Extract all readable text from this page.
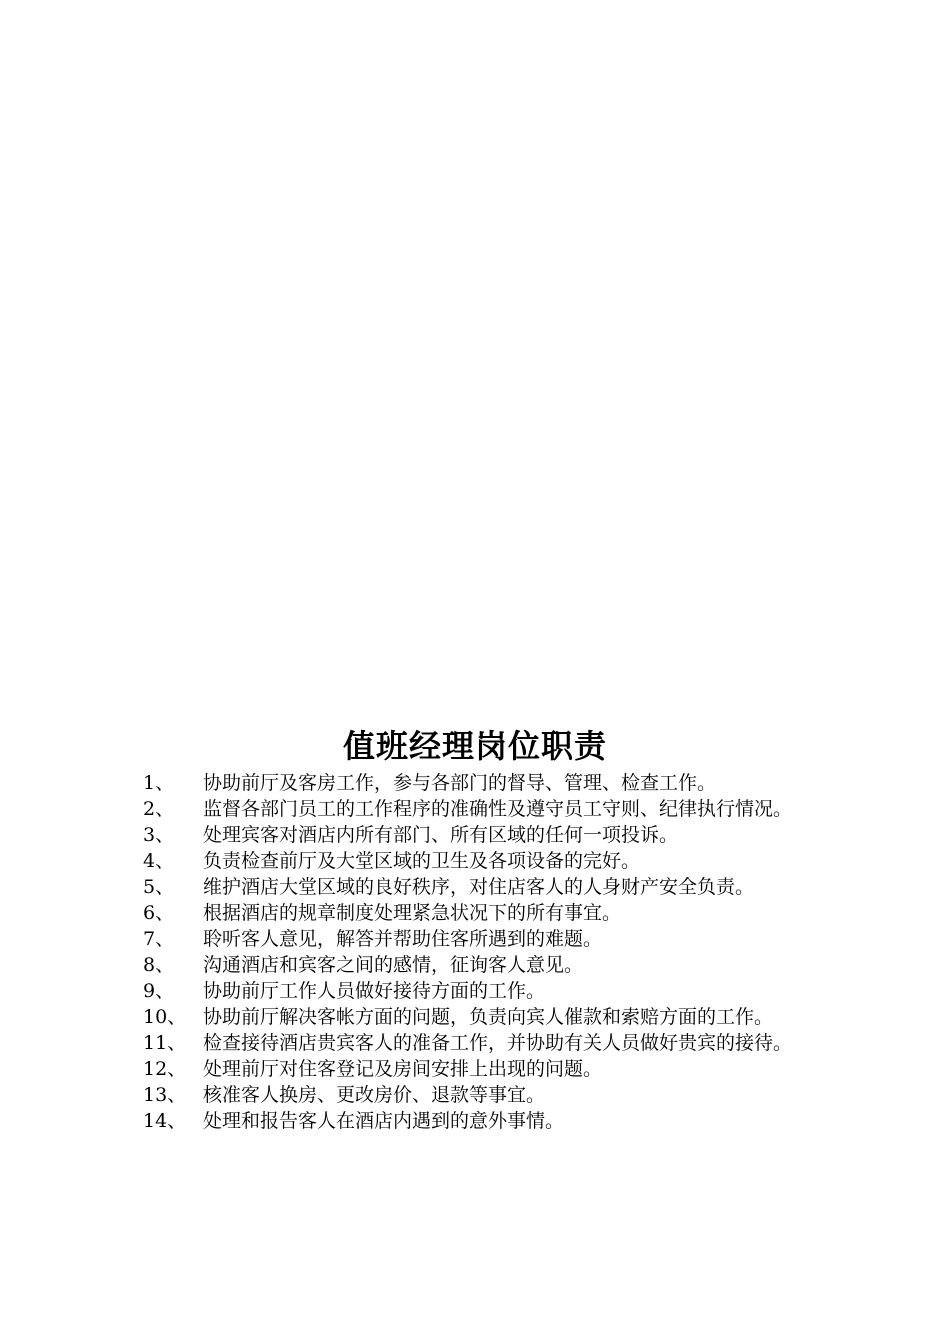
值班经理岗位职责
1、	协助前厅及客房工作，参与各部门的督导、管理、检查工作。
2、	监督各部门员工的工作程序的准确性及遵守员工守则、纪律执行情况。
3、	处理宾客对酒店内所有部门、所有区域的任何一项投诉。
4、	负责检查前厅及大堂区域的卫生及各项设备的完好。
5、	维护酒店大堂区域的良好秩序，对住店客人的人身财产安全负责。
6、	根据酒店的规章制度处理紧急状况下的所有事宜。
7、	聆听客人意见，解答并帮助住客所遇到的难题。
8、	沟通酒店和宾客之间的感情，征询客人意见。
9、	协助前厅工作人员做好接待方面的工作。
10、 协助前厅解决客帐方面的问题，负责向宾人催款和索赔方面的工作。
11、 检查接待酒店贵宾客人的准备工作，并协助有关人员做好贵宾的接待。
12、 处理前厅对住客登记及房间安排上出现的问题。
13、 核准客人换房、更改房价、退款等事宜。
14、 处理和报告客人在酒店内遇到的意外事情。
